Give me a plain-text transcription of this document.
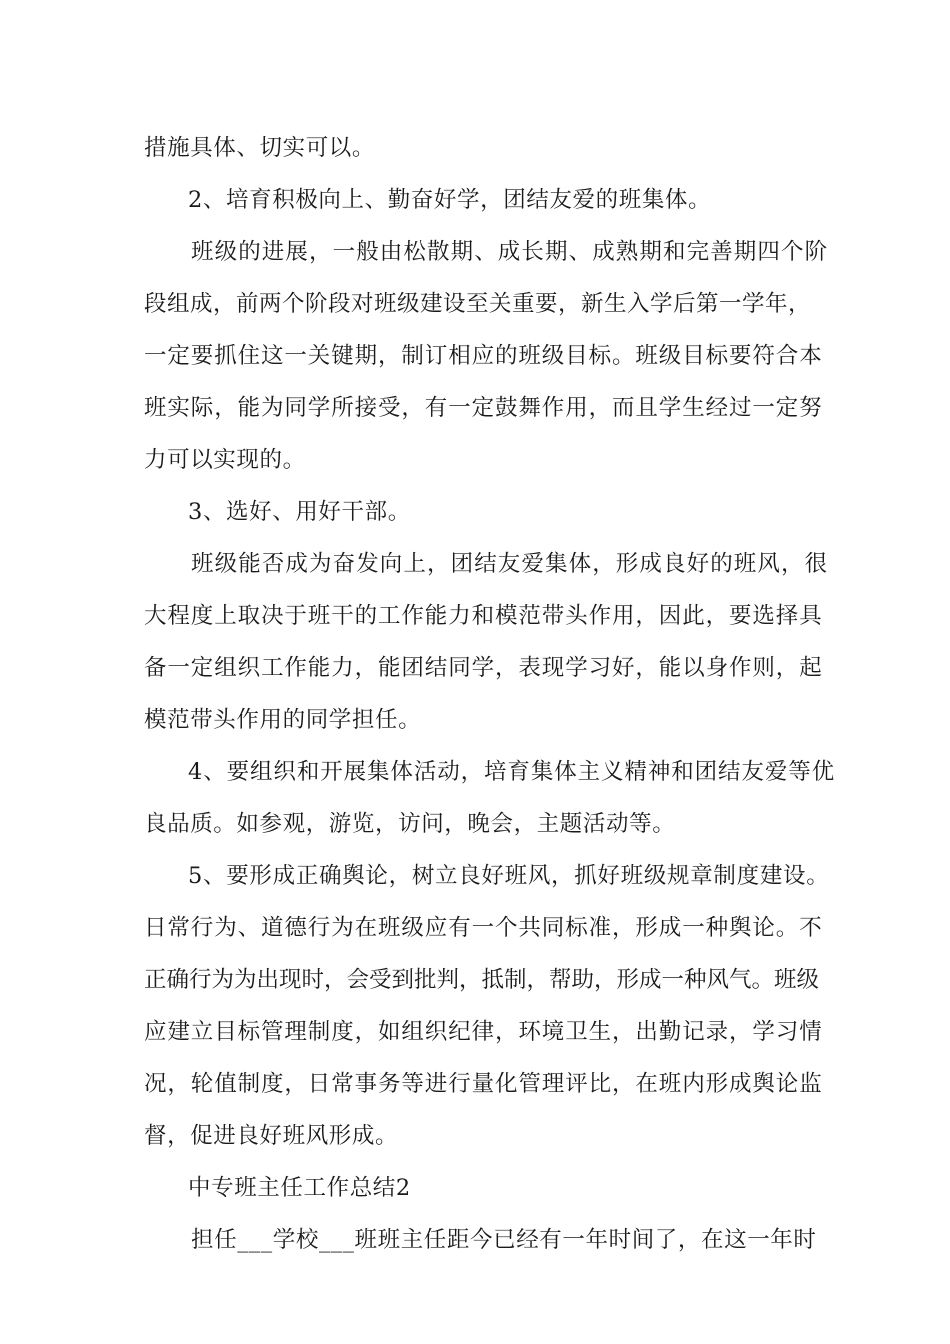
措施具体、切实可以。
2、培育积极向上、勤奋好学，团结友爱的班集体。
班级的进展，一般由松散期、成长期、成熟期和完善期四个阶
段组成，前两个阶段对班级建设至关重要，新生入学后第一学年，
一定要抓住这一关键期，制订相应的班级目标。班级目标要符合本
班实际，能为同学所接受，有一定鼓舞作用，而且学生经过一定努
力可以实现的。
3、选好、用好干部。
班级能否成为奋发向上，团结友爱集体，形成良好的班风，很
大程度上取决于班干的工作能力和模范带头作用，因此，要选择具
备一定组织工作能力，能团结同学，表现学习好，能以身作则，起
模范带头作用的同学担任。
4、要组织和开展集体活动，培育集体主义精神和团结友爱等优
良品质。如参观，游览，访问，晚会，主题活动等。
5、要形成正确舆论，树立良好班风，抓好班级规章制度建设。
日常行为、道德行为在班级应有一个共同标准，形成一种舆论。不
正确行为为出现时，会受到批判，抵制，帮助，形成一种风气。班级
应建立目标管理制度，如组织纪律，环境卫生，出勤记录，学习情
况，轮值制度，日常事务等进行量化管理评比，在班内形成舆论监
督，促进良好班风形成。
中专班主任工作总结2
担任___学校___班班主任距今已经有一年时间了，在这一年时
